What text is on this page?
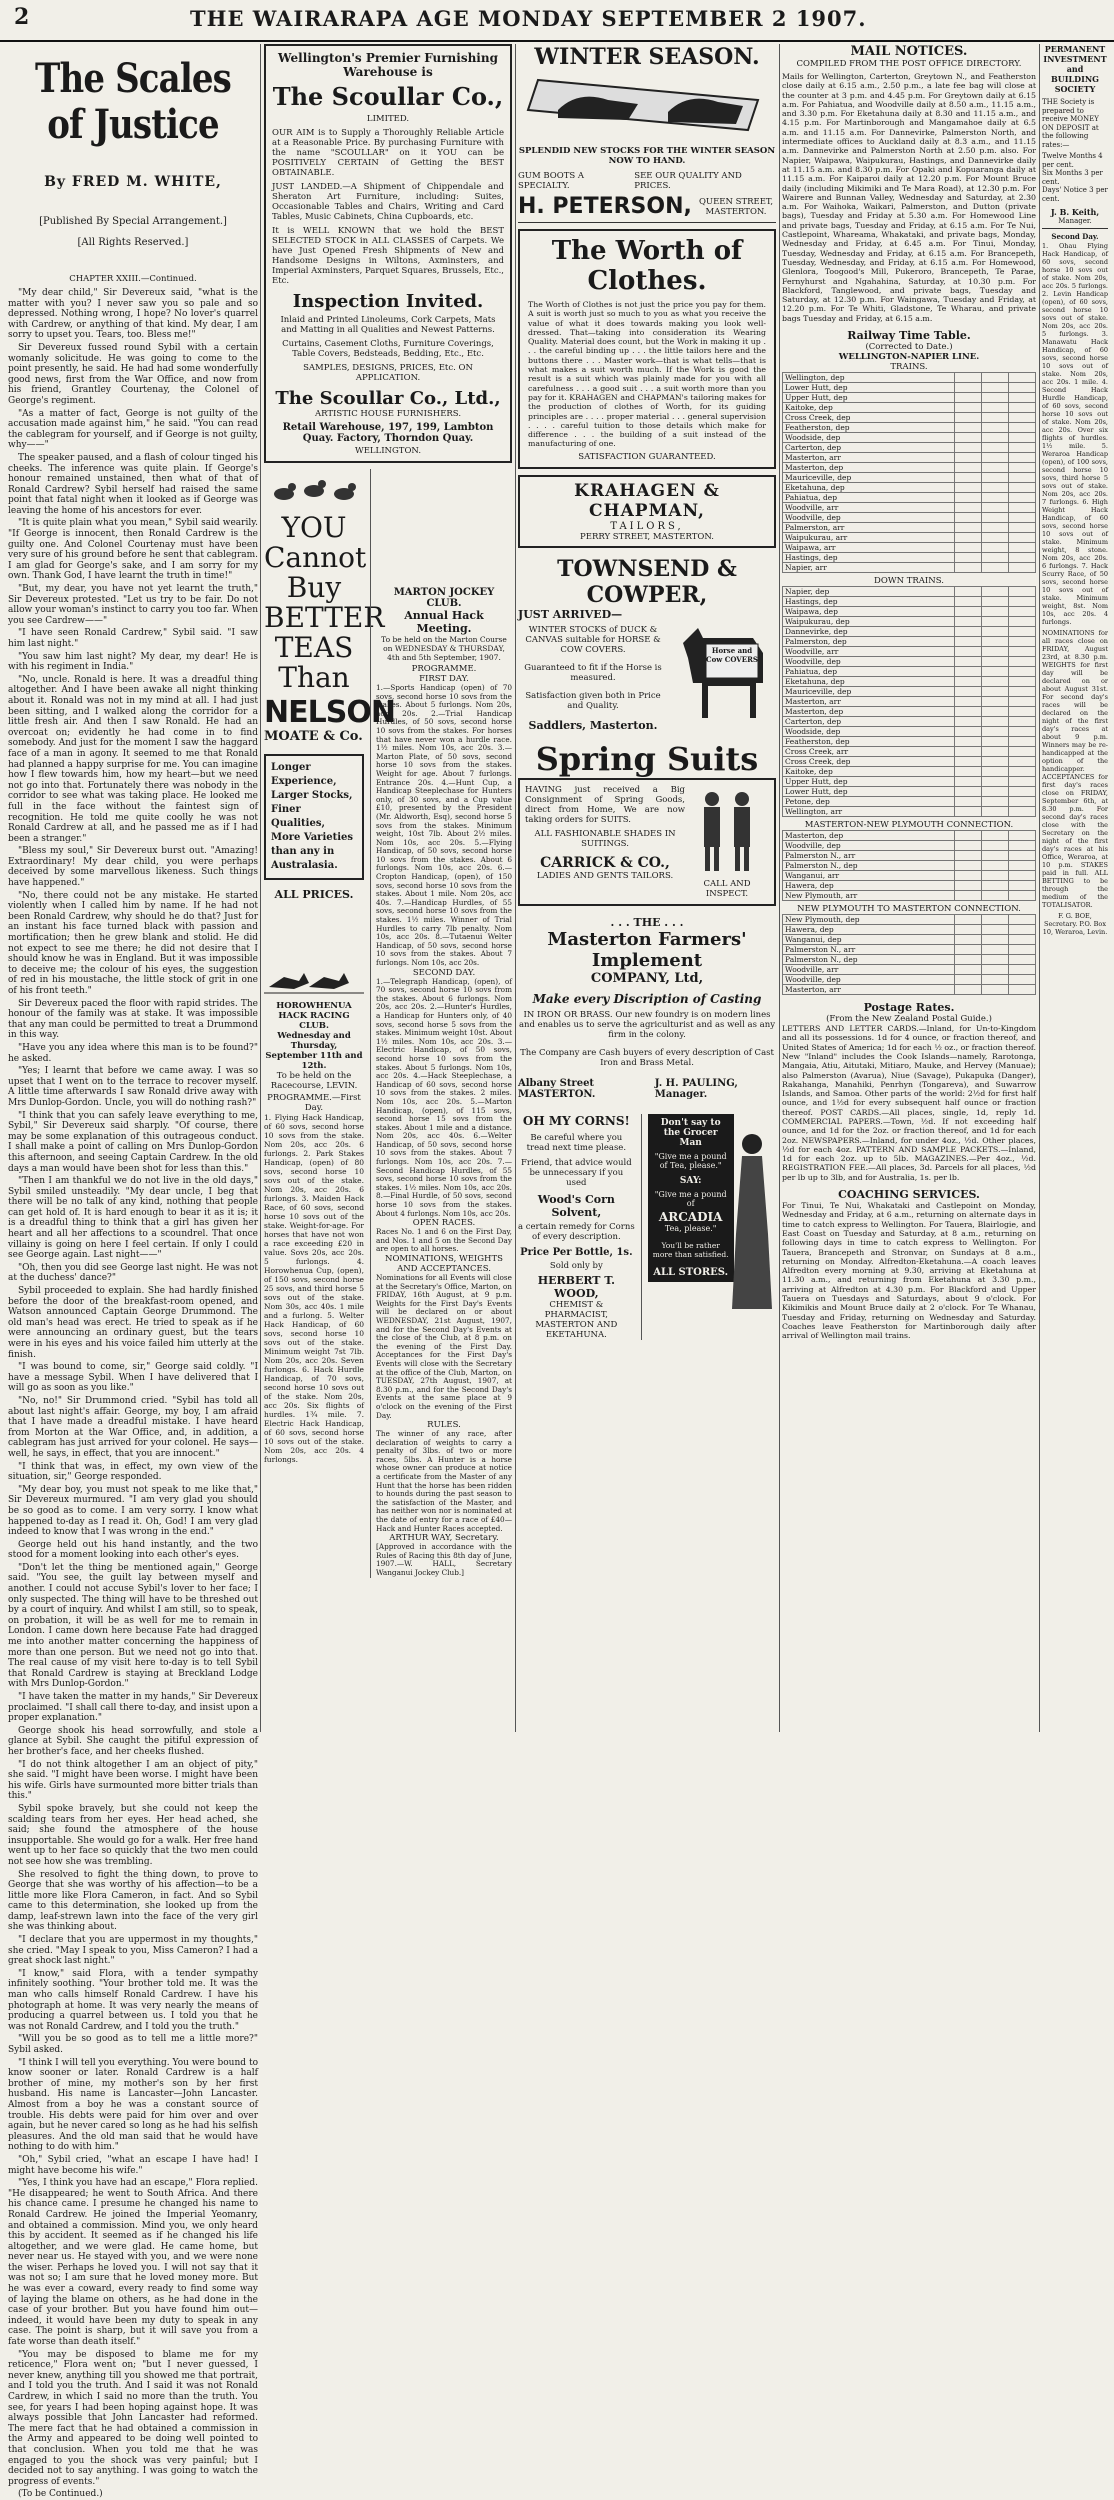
2	THE WAIRARAPA AGE MONDAY SEPTEMBER 2 1907.
The Scales of Justice
By FRED M. WHITE,
[Published By Special Arrangement.]
[All Rights Reserved.]
CHAPTER XXIII.—Continued.

"My dear child," Sir Devereux said, "what is the matter with you? I never saw you so pale and so depressed. Nothing wrong, I hope? No lover's quarrel with Cardrew, or anything of that kind. My dear, I am sorry to upset you. Tears, too. Bless me!"

Sir Devereux fussed round Sybil with a certain womanly solicitude. He was going to come to the point presently, he said. He had had some wonderfully good news, first from the War Office, and now from his friend, Grantley Courtenay, the Colonel of George's regiment.

"As a matter of fact, George is not guilty of the accusation made against him," he said. "You can read the cablegram for yourself, and if George is not guilty, why——"

The speaker paused, and a flash of colour tinged his cheeks. The inference was quite plain. If George's honour remained unstained, then what of that of Ronald Cardrew? Sybil herself had raised the same point that fatal night when it looked as if George was leaving the home of his ancestors for ever.

"It is quite plain what you mean," Sybil said wearily. "If George is innocent, then Ronald Cardrew is the guilty one. And Colonel Courtenay must have been very sure of his ground before he sent that cablegram. I am glad for George's sake, and I am sorry for my own. Thank God, I have learnt the truth in time!"

"But, my dear, you have not yet learnt the truth," Sir Devereux protested. "Let us try to be fair. Do not allow your woman's instinct to carry you too far. When you see Cardrew——"

"I have seen Ronald Cardrew," Sybil said. "I saw him last night."

"You saw him last night? My dear, my dear! He is with his regiment in India."

"No, uncle. Ronald is here. It was a dreadful thing altogether. And I have been awake all night thinking about it. Ronald was not in my mind at all. I had just been sitting, and I walked along the corridor for a little fresh air. And then I saw Ronald. He had an overcoat on; evidently he had come in to find somebody. And just for the moment I saw the haggard face of a man in agony. It seemed to me that Ronald had planned a happy surprise for me. You can imagine how I flew towards him, how my heart—but we need not go into that. Fortunately there was nobody in the corridor to see what was taking place. He looked me full in the face without the faintest sign of recognition. He told me quite coolly he was not Ronald Cardrew at all, and he passed me as if I had been a stranger."

"Bless my soul," Sir Devereux burst out. "Amazing! Extraordinary! My dear child, you were perhaps deceived by some marvellous likeness. Such things have happened."

"No, there could not be any mistake. He started violently when I called him by name. If he had not been Ronald Cardrew, why should he do that? Just for an instant his face turned black with passion and mortification; then he grew blank and stolid. He did not expect to see me there; he did not desire that I should know he was in England. But it was impossible to deceive me; the colour of his eyes, the suggestion of red in his moustache, the little stock of grit in one of his front teeth."

Sir Devereux paced the floor with rapid strides. The honour of the family was at stake. It was impossible that any man could be permitted to treat a Drummond in this way.

"Have you any idea where this man is to be found?" he asked.

"Yes; I learnt that before we came away. I was so upset that I went on to the terrace to recover myself. A little time afterwards I saw Ronald drive away with Mrs Dunlop-Gordon. Uncle, you will do nothing rash?"

"I think that you can safely leave everything to me, Sybil," Sir Devereux said sharply. "Of course, there may be some explanation of this outrageous conduct. I shall make a point of calling on Mrs Dunlop-Gordon this afternoon, and seeing Captain Cardrew. In the old days a man would have been shot for less than this."

"Then I am thankful we do not live in the old days," Sybil smiled unsteadily. "My dear uncle, I beg that there will be no talk of any kind, nothing that people can get hold of. It is hard enough to bear it as it is; it is a dreadful thing to think that a girl has given her heart and all her affections to a scoundrel. That once villainy is going on here I feel certain. If only I could see George again. Last night——"

"Oh, then you did see George last night. He was not at the duchess' dance?"

Sybil proceeded to explain. She had hardly finished before the door of the breakfast-room opened, and Watson announced Captain George Drummond. The old man's head was erect. He tried to speak as if he were announcing an ordinary guest, but the tears were in his eyes and his voice failed him utterly at the finish.

"I was bound to come, sir," George said coldly. "I have a message Sybil. When I have delivered that I will go as soon as you like."

"No, no!" Sir Drummond cried. "Sybil has told all about last night's affair. George, my boy, I am afraid that I have made a dreadful mistake. I have heard from Morton at the War Office, and, in addition, a cablegram has just arrived for your colonel. He says—well, he says, in effect, that you are innocent."

"I think that was, in effect, my own view of the situation, sir," George responded.

"My dear boy, you must not speak to me like that," Sir Devereux murmured. "I am very glad you should be so good as to come. I am very sorry. I know what happened to-day as I read it. Oh, God! I am very glad indeed to know that I was wrong in the end."

George held out his hand instantly, and the two stood for a moment looking into each other's eyes.

"Don't let the thing be mentioned again," George said. "You see, the guilt lay between myself and another. I could not accuse Sybil's lover to her face; I only suspected. The thing will have to be threshed out by a court of inquiry. And whilst I am still, so to speak, on probation, it will be as well for me to remain in London. I came down here because Fate had dragged me into another matter concerning the happiness of more than one person. But we need not go into that. The real cause of my visit here to-day is to tell Sybil that Ronald Cardrew is staying at Breckland Lodge with Mrs Dunlop-Gordon."

"I have taken the matter in my hands," Sir Devereux proclaimed. "I shall call there to-day, and insist upon a proper explanation."

George shook his head sorrowfully, and stole a glance at Sybil. She caught the pitiful expression of her brother's face, and her cheeks flushed.

"I do not think altogether I am an object of pity," she said. "I might have been worse. I might have been his wife. Girls have surmounted more bitter trials than this."

Sybil spoke bravely, but she could not keep the scalding tears from her eyes. Her head ached, she said; she found the atmosphere of the house insupportable. She would go for a walk. Her free hand went up to her face so quickly that the two men could not see how she was trembling.

She resolved to fight the thing down, to prove to George that she was worthy of his affection—to be a little more like Flora Cameron, in fact. And so Sybil came to this determination, she looked up from the damp, leaf-strewn lawn into the face of the very girl she was thinking about.

"I declare that you are uppermost in my thoughts," she cried. "May I speak to you, Miss Cameron? I had a great shock last night."

"I know," said Flora, with a tender sympathy infinitely soothing. "Your brother told me. It was the man who calls himself Ronald Cardrew. I have his photograph at home. It was very nearly the means of producing a quarrel between us. I told you that he was not Ronald Cardrew, and I told you the truth."

"Will you be so good as to tell me a little more?" Sybil asked.

"I think I will tell you everything. You were bound to know sooner or later. Ronald Cardrew is a half brother of mine, my mother's son by her first husband. His name is Lancaster—John Lancaster. Almost from a boy he was a constant source of trouble. His debts were paid for him over and over again, but he never cared so long as he had his selfish pleasures. And the old man said that he would have nothing to do with him."

"Oh," Sybil cried, "what an escape I have had! I might have become his wife."

"Yes, I think you have had an escape," Flora replied. "He disappeared; he went to South Africa. And there his chance came. I presume he changed his name to Ronald Cardrew. He joined the Imperial Yeomanry, and obtained a commission. Mind you, we only heard this by accident. It seemed as if he changed his life altogether, and we were glad. He came home, but never near us. He stayed with you, and we were none the wiser. Perhaps he loved you. I will not say that it was not so; I am sure that he loved money more. But he was ever a coward, every ready to find some way of laying the blame on others, as he had done in the case of your brother. But you have found him out—indeed, it would have been my duty to speak in any case. The point is sharp, but it will save you from a fate worse than death itself."

"You may be disposed to blame me for my reticence," Flora went on; "but I never guessed, I never knew, anything till you showed me that portrait, and I told you the truth. And I said it was not Ronald Cardrew, in which I said no more than the truth. You see, for years I had been hoping against hope. It was always possible that John Lancaster had reformed. The mere fact that he had obtained a commission in the Army and appeared to be doing well pointed to that conclusion. When you told me that he was engaged to you the shock was very painful; but I decided not to say anything. I was going to watch the progress of events."

(To be Continued.)

Wellington's Premier Furnishing Warehouse is
The Scoullar Co.,
LIMITED.
OUR AIM is to Supply a Thoroughly Reliable Article at a Reasonable Price. By purchasing Furniture with the name "SCOULLAR" on it YOU can be POSITIVELY CERTAIN of Getting the BEST OBTAINABLE.
JUST LANDED.—A Shipment of Chippendale and Sheraton Art Furniture, including: Suites, Occasionable Tables and Chairs, Writing and Card Tables, Music Cabinets, China Cupboards, etc.
It is WELL KNOWN that we hold the BEST SELECTED STOCK in ALL CLASSES of Carpets. We have Just Opened Fresh Shipments of New and Handsome Designs in Wiltons, Axminsters, and Imperial Axminsters, Parquet Squares, Brussels, Etc., Etc.
Inspection Invited.
Inlaid and Printed Linoleums, Cork Carpets, Mats and Matting in all Qualities and Newest Patterns.
Curtains, Casement Cloths, Furniture Coverings, Table Covers, Bedsteads, Bedding, Etc., Etc.
SAMPLES, DESIGNS, PRICES, Etc. ON APPLICATION.
The Scoullar Co., Ltd.,
ARTISTIC HOUSE FURNISHERS.
Retail Warehouse, 197, 199, Lambton Quay. Factory, Thorndon Quay.
WELLINGTON.
YOU
Cannot
Buy
BETTER
TEAS
Than
NELSON
MOATE & Co.
Longer Experience,
Larger Stocks,
Finer Qualities,
More Varieties
than any in
Australasia.
ALL PRICES.
HOROWHENUA HACK RACING CLUB.
Wednesday and Thursday, September 11th and 12th.
To be held on the Racecourse, LEVIN.
PROGRAMME.—First Day.
1. Flying Hack Handicap, of 60 sovs, second horse 10 sovs from the stake. Nom 20s, acc 20s. 6 furlongs. 2. Park Stakes Handicap, (open) of 80 sovs, second horse 10 sovs out of the stake. Nom 20s, acc 20s. 6 furlongs. 3. Maiden Hack Race, of 60 sovs, second horse 10 sovs out of the stake. Weight-for-age. For horses that have not won a race exceeding £20 in value. Sovs 20s, acc 20s. 5 furlongs. 4. Horowhenua Cup, (open), of 150 sovs, second horse 25 sovs, and third horse 5 sovs out of the stake. Nom 30s, acc 40s. 1 mile and a furlong. 5. Welter Hack Handicap, of 60 sovs, second horse 10 sovs out of the stake. Minimum weight 7st 7lb. Nom 20s, acc 20s. Seven furlongs. 6. Hack Hurdle Handicap, of 70 sovs, second horse 10 sovs out of the stake. Nom 20s, acc 20s. Six flights of hurdles. 1¾ mile. 7. Electric Hack Handicap, of 60 sovs, second horse 10 sovs out of the stake. Nom 20s, acc 20s. 4 furlongs.
MARTON JOCKEY CLUB.
Annual Hack Meeting.
To be held on the Marton Course on WEDNESDAY & THURSDAY, 4th and 5th September, 1907.
PROGRAMME.
FIRST DAY.
1.—Sports Handicap (open) of 70 sovs, second horse 10 sovs from the stakes. About 5 furlongs. Nom 20s, acc 20s. 2.—Trial Handicap Hurdles, of 50 sovs, second horse 10 sovs from the stakes. For horses that have never won a hurdle race. 1½ miles. Nom 10s, acc 20s. 3.—Marton Plate, of 50 sovs, second horse 10 sovs from the stakes. Weight for age. About 7 furlongs. Entrance 20s. 4.—Hunt Cup, a Handicap Steeplechase for Hunters only, of 30 sovs, and a Cup value £10, presented by the President (Mr. Aldworth, Esq), second horse 5 sovs from the stakes. Minimum weight, 10st 7lb. About 2½ miles. Nom 10s, acc 20s. 5.—Flying Handicap, of 50 sovs, second horse 10 sovs from the stakes. About 6 furlongs. Nom 10s, acc 20s. 6.—Cropton Handicap, (open), of 150 sovs, second horse 10 sovs from the stakes. About 1 mile. Nom 20s, acc 40s. 7.—Handicap Hurdles, of 55 sovs, second horse 10 sovs from the stakes. 1½ miles. Winner of Trial Hurdles to carry 7lb penalty. Nom 10s, acc 20s. 8.—Tutaenui Welter Handicap, of 50 sovs, second horse 10 sovs from the stakes. About 7 furlongs. Nom 10s, acc 20s.
SECOND DAY.
1.—Telegraph Handicap, (open), of 70 sovs, second horse 10 sovs from the stakes. About 6 furlongs. Nom 20s, acc 20s. 2.—Hunter's Hurdles, a Handicap for Hunters only, of 40 sovs, second horse 5 sovs from the stakes. Minimum weight 10st. About 1½ miles. Nom 10s, acc 20s. 3.—Electric Handicap, of 50 sovs, second horse 10 sovs from the stakes. About 5 furlongs. Nom 10s, acc 20s. 4.—Hack Steeplechase, a Handicap of 60 sovs, second horse 10 sovs from the stakes. 2 miles. Nom 10s, acc 20s. 5.—Marton Handicap, (open), of 115 sovs, second horse 15 sovs from the stakes. About 1 mile and a distance. Nom 20s, acc 40s. 6.—Welter Handicap, of 50 sovs, second horse 10 sovs from the stakes. About 7 furlongs. Nom 10s, acc 20s. 7.—Second Handicap Hurdles, of 55 sovs, second horse 10 sovs from the stakes. 1½ miles. Nom 10s, acc 20s. 8.—Final Hurdle, of 50 sovs, second horse 10 sovs from the stakes. About 4 furlongs. Nom 10s, acc 20s.
OPEN RACES.
Races No. 1 and 6 on the First Day, and Nos. 1 and 5 on the Second Day are open to all horses.
NOMINATIONS, WEIGHTS AND ACCEPTANCES.
Nominations for all Events will close at the Secretary's Office, Marton, on FRIDAY, 16th August, at 9 p.m. Weights for the First Day's Events will be declared on or about WEDNESDAY, 21st August, 1907, and for the Second Day's Events at the close of the Club, at 8 p.m. on the evening of the First Day. Acceptances for the First Day's Events will close with the Secretary at the office of the Club, Marton, on TUESDAY, 27th August, 1907, at 8.30 p.m., and for the Second Day's Events at the same place at 9 o'clock on the evening of the First Day.
RULES.
The winner of any race, after declaration of weights to carry a penalty of 3lbs. of two or more races, 5lbs. A Hunter is a horse whose owner can produce at notice a certificate from the Master of any Hunt that the horse has been ridden to hounds during the past season to the satisfaction of the Master, and has neither won nor is nominated at the date of entry for a race of £40—Hack and Hunter Races accepted.
ARTHUR WAY, Secretary.
[Approved in accordance with the Rules of Racing this 8th day of June, 1907.—W. HALL, Secretary Wanganui Jockey Club.]
WINTER SEASON.
SPLENDID NEW STOCKS FOR THE WINTER SEASON NOW TO HAND.
GUM BOOTS A SPECIALTY.
SEE OUR QUALITY AND PRICES.
H. PETERSON, QUEEN STREET, MASTERTON.
The Worth of Clothes.
The Worth of Clothes is not just the price you pay for them. A suit is worth just so much to you as what you receive the value of what it does towards making you look well-dressed. That—taking into consideration its Wearing Quality. Material does count, but the Work in making it up . . . the careful binding up . . . the little tailors here and the buttons there . . . Master work—that is what tells—that is what makes a suit worth much. If the Work is good the result is a suit which was plainly made for you with all carefulness . . . a good suit . . . a suit worth more than you pay for it. KRAHAGEN and CHAPMAN's tailoring makes for the production of clothes of Worth, for its guiding principles are . . . . proper material . . . general supervision . . . . careful tuition to those details which make for difference . . . the building of a suit instead of the manufacturing of one.
SATISFACTION GUARANTEED.
KRAHAGEN & CHAPMAN,
TAILORS,
PERRY STREET, MASTERTON.
TOWNSEND & COWPER,
JUST ARRIVED—
WINTER STOCKS of DUCK & CANVAS suitable for HORSE & COW COVERS.
Guaranteed to fit if the Horse is measured.
Satisfaction given both in Price and Quality.
Saddlers, Masterton.
Horse and Cow COVERS
Spring Suits
HAVING just received a Big Consignment of Spring Goods, direct from Home, We are now taking orders for SUITS.
ALL FASHIONABLE SHADES IN SUITINGS.
CARRICK & CO.,
LADIES AND GENTS TAILORS.
CALL AND INSPECT.
. . . THE . . .
Masterton Farmers' Implement
COMPANY, Ltd,
Make every Discription of Casting
IN IRON OR BRASS. Our new foundry is on modern lines and enables us to serve the agriculturist and as well as any firm in the colony.
The Company are Cash buyers of every description of Cast Iron and Brass Metal.
Albany Street MASTERTON.
J. H. PAULING, Manager.
OH MY CORNS!
Be careful where you tread next time please.
Friend, that advice would be unnecessary if you used
Wood's Corn Solvent,
a certain remedy for Corns of every description.
Price Per Bottle, 1s.
Sold only by
HERBERT T. WOOD,
CHEMIST & PHARMACIST,
MASTERTON AND EKETAHUNA.
Don't say to the Grocer Man
"Give me a pound of Tea, please."
SAY:
"Give me a pound of
ARCADIA
Tea, please."
You'll be rather more than satisfied.
ALL STORES.
MAIL NOTICES.
COMPILED FROM THE POST OFFICE DIRECTORY.
Mails for Wellington, Carterton, Greytown N., and Featherston close daily at 6.15 a.m., 2.50 p.m., a late fee bag will close at the counter at 3 p.m. and 4.45 p.m. For Greytown daily at 6.15 a.m. For Pahiatua, and Woodville daily at 8.50 a.m., 11.15 a.m., and 3.30 p.m. For Eketahuna daily at 8.30 and 11.15 a.m., and 4.15 p.m. For Martinborough and Mangamahoe daily at 6.5 a.m. and 11.15 a.m. For Dannevirke, Palmerston North, and intermediate offices to Auckland daily at 8.3 a.m., and 11.15 a.m. Dannevirke and Palmerston North at 2.50 p.m. also. For Napier, Waipawa, Waipukurau, Hastings, and Dannevirke daily at 11.15 a.m. and 8.30 p.m. For Opaki and Kopuaranga daily at 11.15 a.m. For Kaiparoi daily at 12.20 p.m. For Mount Bruce daily (including Mikimiki and Te Mara Road), at 12.30 p.m. For Wairere and Bunnan Valley, Wednesday and Saturday, at 2.30 a.m. For Waihoka, Waikari, Palmerston, and Dutton (private bags), Tuesday and Friday at 5.30 a.m. For Homewood Line and private bags, Tuesday and Friday, at 6.15 a.m. For Te Nui, Castlepoint, Whareama, Whakataki, and private bags, Monday, Wednesday and Friday, at 6.45 a.m. For Tinui, Monday, Tuesday, Wednesday and Friday, at 6.15 a.m. For Brancepeth, Tuesday, Wednesday, and Friday, at 6.15 a.m. For Homewood, Glenlora, Toogood's Mill, Pukeroro, Brancepeth, Te Parae, Fernyhurst and Ngahahina, Saturday, at 10.30 p.m. For Blackford, Tanglewood, and private bags, Tuesday and Saturday, at 12.30 p.m. For Waingawa, Tuesday and Friday, at 12.20 p.m. For Te Whiti, Gladstone, Te Wharau, and private bags Tuesday and Friday, at 6.15 a.m.
Railway Time Table.
(Corrected to Date.)
WELLINGTON-NAPIER LINE.
TRAINS.
Wellington, dep			
Lower Hutt, dep			
Upper Hutt, dep			
Kaitoke, dep			
Cross Creek, dep			
Featherston, dep			
Woodside, dep			
Carterton, dep			
Masterton, arr			
Masterton, dep			
Mauriceville, dep			
Eketahuna, dep			
Pahiatua, dep			
Woodville, arr			
Woodville, dep			
Palmerston, arr			
Waipukurau, arr			
Waipawa, arr			
Hastings, dep			
Napier, arr			
DOWN TRAINS.
Napier, dep			
Hastings, dep			
Waipawa, dep			
Waipukurau, dep			
Dannevirke, dep			
Palmerston, dep			
Woodville, arr			
Woodville, dep			
Pahiatua, dep			
Eketahuna, dep			
Mauriceville, dep			
Masterton, arr			
Masterton, dep			
Carterton, dep			
Woodside, dep			
Featherston, dep			
Cross Creek, arr			
Cross Creek, dep			
Kaitoke, dep			
Upper Hutt, dep			
Lower Hutt, dep			
Petone, dep			
Wellington, arr			
MASTERTON-NEW PLYMOUTH CONNECTION.
Masterton, dep			
Woodville, dep			
Palmerston N., arr			
Palmerston N., dep			
Wanganui, arr			
Hawera, dep			
New Plymouth, arr			
NEW PLYMOUTH TO MASTERTON CONNECTION.
New Plymouth, dep			
Hawera, dep			
Wanganui, dep			
Palmerston N., arr			
Palmerston N., dep			
Woodville, arr			
Woodville, dep			
Masterton, arr			
Postage Rates.
(From the New Zealand Postal Guide.)
LETTERS AND LETTER CARDS.—Inland, for Un-to-Kingdom and all its possessions. 1d for 4 ounce, or fraction thereof, and United States of America; 1d for each ½ oz., or fraction thereof. New "Inland" includes the Cook Islands—namely, Rarotonga, Mangaia, Atiu, Aitutaki, Mitiaro, Mauke, and Hervey (Manuae); also Palmerston (Avarua), Niue (Savage), Pukapuka (Danger), Rakahanga, Manahiki, Penrhyn (Tongareva), and Suwarrow Islands, and Samoa. Other parts of the world: 2½d for first half ounce, and 1½d for every subsequent half ounce or fraction thereof. POST CARDS.—All places, single, 1d, reply 1d. COMMERCIAL PAPERS.—Town, ½d. If not exceeding half ounce, and 1d for the 2oz. or fraction thereof, and 1d for each 2oz. NEWSPAPERS.—Inland, for under 4oz., ½d. Other places, ½d for each 4oz. PATTERN AND SAMPLE PACKETS.—Inland, 1d for each 2oz. up to 5lb. MAGAZINES.—Per 4oz., ½d. REGISTRATION FEE.—All places, 3d. Parcels for all places, ½d per lb up to 3lb, and for Australia, 1s. per lb.
COACHING SERVICES.
For Tinui, Te Nui, Whakataki and Castlepoint on Monday, Wednesday and Friday, at 6 a.m., returning on alternate days in time to catch express to Wellington. For Tauera, Blairlogie, and East Coast on Tuesday and Saturday, at 8 a.m., returning on following days in time to catch express to Wellington. For Tauera, Brancepeth and Stronvar, on Sundays at 8 a.m., returning on Monday. Alfredton-Eketahuna.—A coach leaves Alfredton every morning at 9.30, arriving at Eketahuna at 11.30 a.m., and returning from Eketahuna at 3.30 p.m., arriving at Alfredton at 4.30 p.m. For Blackford and Upper Tauera on Tuesdays and Saturdays, about 9 o'clock. For Kikimikis and Mount Bruce daily at 2 o'clock. For Te Whanau, Tuesday and Friday, returning on Wednesday and Saturday. Coaches leave Featherston for Martinborough daily after arrival of Wellington mail trains.
PERMANENT INVESTMENT and BUILDING SOCIETY
THE Society is prepared to receive MONEY ON DEPOSIT at the following rates:—
Twelve Months 4 per cent.
Six Months 3 per cent.
Days' Notice 3 per cent.
J. B. Keith,
Manager.
Second Day.
1. Ohau Flying Hack Handicap, of 60 sovs, second horse 10 sovs out of stake. Nom 20s, acc 20s. 5 furlongs. 2. Levin Handicap (open), of 60 sovs, second horse 10 sovs out of stake. Nom 20s, acc 20s. 5 furlongs. 3. Manawatu Hack Handicap, of 60 sovs, second horse 10 sovs out of stake. Nom 20s, acc 20s. 1 mile. 4. Second Hack Hurdle Handicap, of 60 sovs, second horse 10 sovs out of stake. Nom 20s, acc 20s. Over six flights of hurdles. 1½ mile. 5. Weraroa Handicap (open), of 100 sovs, second horse 10 sovs, third horse 5 sovs out of stake. Nom 20s, acc 20s. 7 furlongs. 6. High Weight Hack Handicap, of 60 sovs, second horse 10 sovs out of stake. Minimum weight, 8 stone. Nom 20s, acc 20s. 6 furlongs. 7. Hack Scurry Race, of 50 sovs, second horse 10 sovs out of stake. Minimum weight, 8st. Nom 10s, acc 20s. 4 furlongs.
NOMINATIONS for all races close on FRIDAY, August 23rd, at 8.30 p.m. WEIGHTS for first day will be declared on or about August 31st. For second day's races will be declared on the night of the first day's races at about 9 p.m. Winners may be re-handicapped at the option of the handicapper. ACCEPTANCES for first day's races close on FRIDAY, September 6th, at 8.30 p.m. For second day's races close with the Secretary on the night of the first day's races at his Office, Weraroa, at 10 p.m. STAKES paid in full. ALL BETTING to be through the medium of the TOTALISATOR.
F. G. BOE, Secretary. P.O. Box 10, Weraroa, Levin.
